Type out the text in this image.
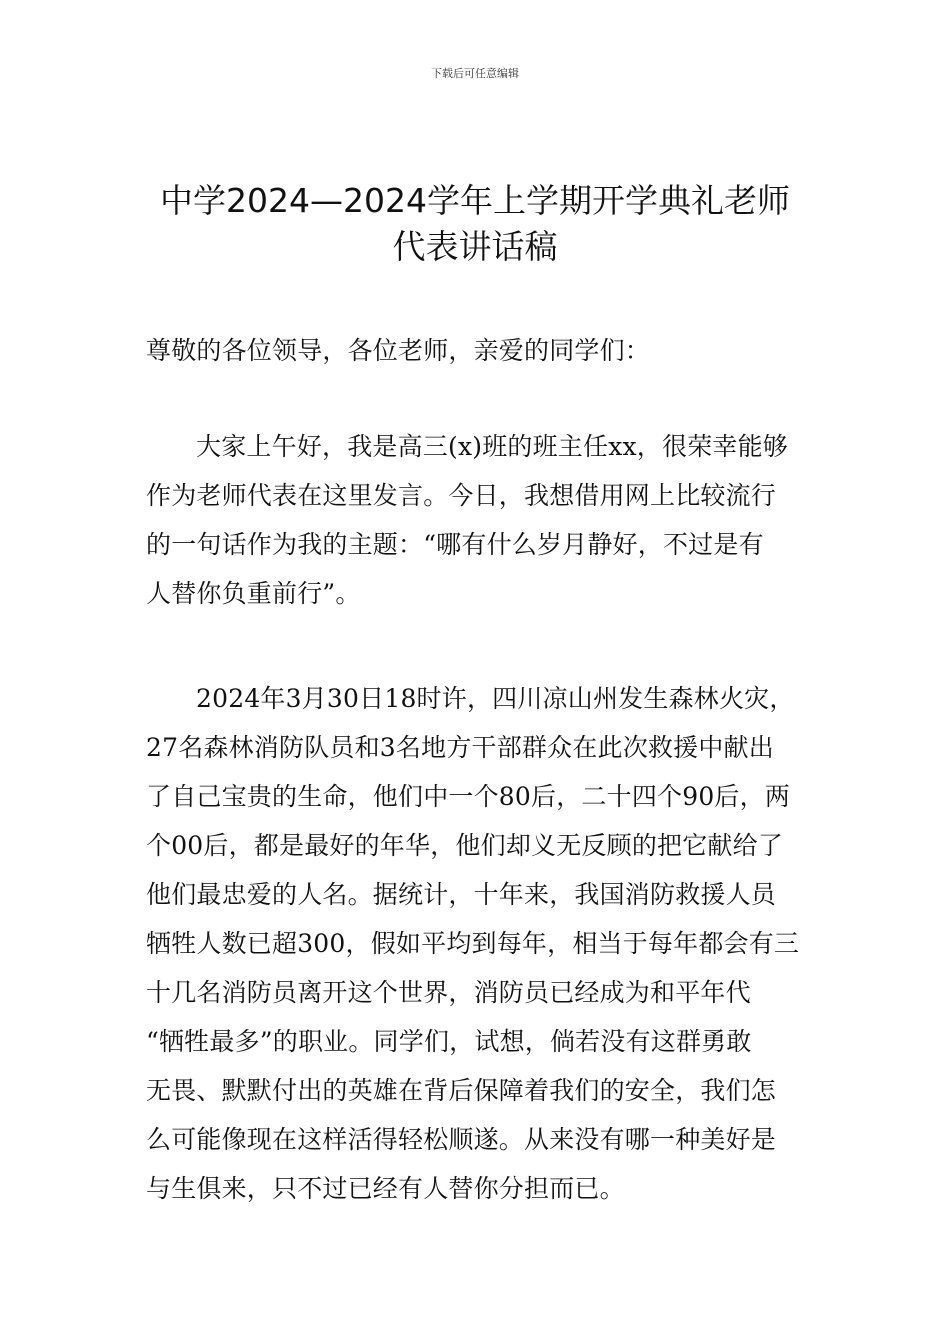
下载后可任意编辑
中学2024—2024学年上学期开学典礼老师
代表讲话稿
尊敬的各位领导，各位老师，亲爱的同学们：
大家上午好，我是高三(x)班的班主任xx，很荣幸能够
作为老师代表在这里发言。今日，我想借用网上比较流行
的一句话作为我的主题：“哪有什么岁月静好，不过是有
人替你负重前行”。
2024年3月30日18时许，四川凉山州发生森林火灾，
27名森林消防队员和3名地方干部群众在此次救援中献出
了自己宝贵的生命，他们中一个80后，二十四个90后，两
个00后，都是最好的年华，他们却义无反顾的把它献给了
他们最忠爱的人名。据统计，十年来，我国消防救援人员
牺牲人数已超300，假如平均到每年，相当于每年都会有三
十几名消防员离开这个世界，消防员已经成为和平年代
“牺牲最多”的职业。同学们，试想，倘若没有这群勇敢
无畏、默默付出的英雄在背后保障着我们的安全，我们怎
么可能像现在这样活得轻松顺遂。从来没有哪一种美好是
与生俱来，只不过已经有人替你分担而已。
